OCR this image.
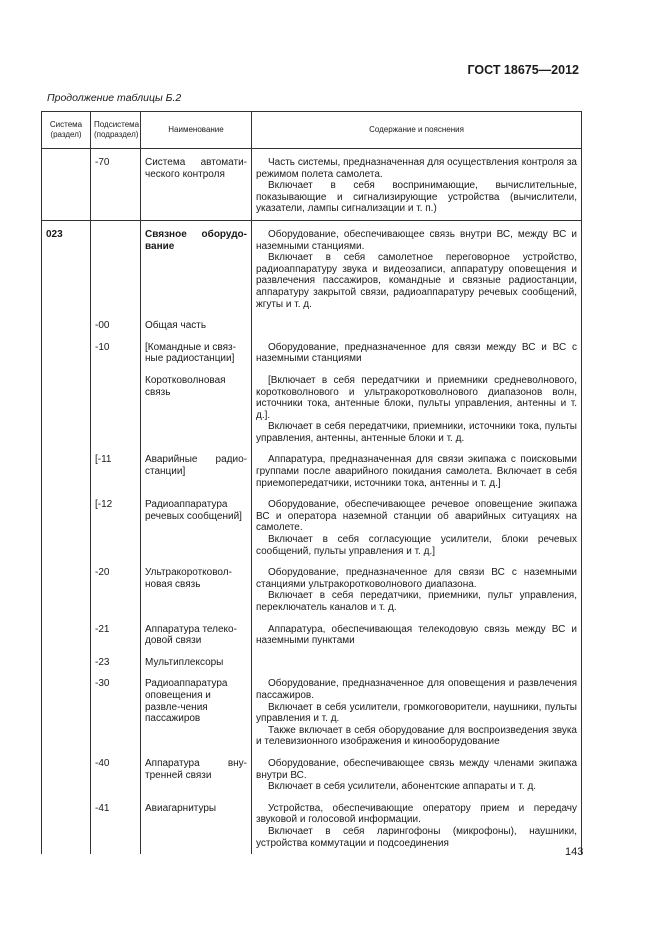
ГОСТ 18675—2012
Продолжение таблицы Б.2
Система (раздел)	Подсистема (подраздел)	Наименование	Содержание и пояснения
	-70	Система автомати-ческого контроля	Часть системы, предназначенная для осуществления контроля за режимом полета самолета.

Включает в себя воспринимающие, вычислительные, показывающие и сигнализирующие устройства (вычислители, указатели, лампы сигнализации и т. п.)

023		Связное оборудо-вание	Оборудование, обеспечивающее связь внутри ВС, между ВС и наземными станциями.

Включает в себя самолетное переговорное устройство, радиоаппаратуру звука и видеозаписи, аппаратуру оповещения и развлечения пассажиров, командные и связные радиостанции, аппаратуру закрытой связи, радиоаппаратуру речевых сообщений, жгуты и т. д.

	-00	Общая часть	
	-10	[Командные и связ-ные радиостанции]	Оборудование, предназначенное для связи между ВС и ВС с наземными станциями

		Коротковолновая связь	[Включает в себя передатчики и приемники средневолнового, коротковолнового и ультракоротковолнового диапазонов волн, источники тока, антенные блоки, пульты управления, антенны и т. д.].

Включает в себя передатчики, приемники, источники тока, пульты управления, антенны, антенные блоки и т. д.

	[-11	Аварийные радио-станции]	Аппаратура, предназначенная для связи экипажа с поисковыми группами после аварийного покидания самолета. Включает в себя приемопередатчики, источники тока, антенны и т. д.]

	[-12	Радиоаппаратура речевых сообщений]	Оборудование, обеспечивающее речевое оповещение экипажа ВС и оператора наземной станции об аварийных ситуациях на самолете.

Включает в себя согласующие усилители, блоки речевых сообщений, пульты управления и т. д.]

	-20	Ультракоротковол-новая связь	Оборудование, предназначенное для связи ВС с наземными станциями ультракоротковолнового диапазона.

Включает в себя передатчики, приемники, пульт управления, переключатель каналов и т. д.

	-21	Аппаратура телеко-довой связи	Аппаратура, обеспечивающая телекодовую связь между ВС и наземными пунктами

	-23	Мультиплексоры	
	-30	Радиоаппаратура оповещения и развле-чения пассажиров	Оборудование, предназначенное для оповещения и развлечения пассажиров.

Включает в себя усилители, громкоговорители, наушники, пульты управления и т. д.

Также включает в себя оборудование для воспроизведения звука и телевизионного изображения и кинооборудование

	-40	Аппаратура вну-тренней связи	Оборудование, обеспечивающее связь между членами экипажа внутри ВС.

Включает в себя усилители, абонентские аппараты и т. д.

	-41	Авиагарнитуры	Устройства, обеспечивающие оператору прием и передачу звуковой и голосовой информации.

Включает в себя ларингофоны (микрофоны), наушники, устройства коммутации и подсоединения

143
